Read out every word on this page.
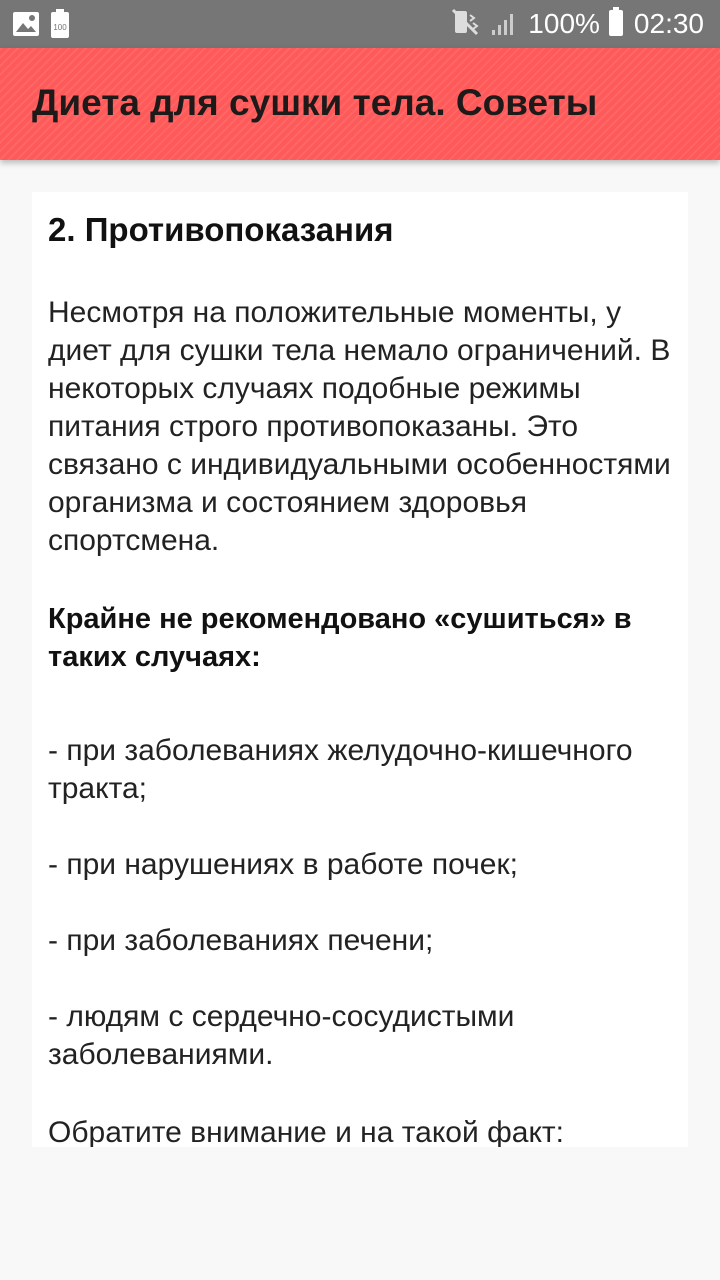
100	100% 02:30
Диета для сушки тела. Советы
2. Противопоказания

Несмотря на положительные моменты, у диет для сушки тела немало ограничений. В некоторых случаях подобные режимы питания строго противопоказаны. Это связано с индивидуальными особенностями организма и состоянием здоровья спортсмена.

Крайне не рекомендовано «сушиться» в таких случаях:

- при заболеваниях желудочно-кишечного тракта;

- при нарушениях в работе почек;

- при заболеваниях печени;

- людям с сердечно-сосудистыми заболеваниями.

Обратите внимание и на такой факт:
